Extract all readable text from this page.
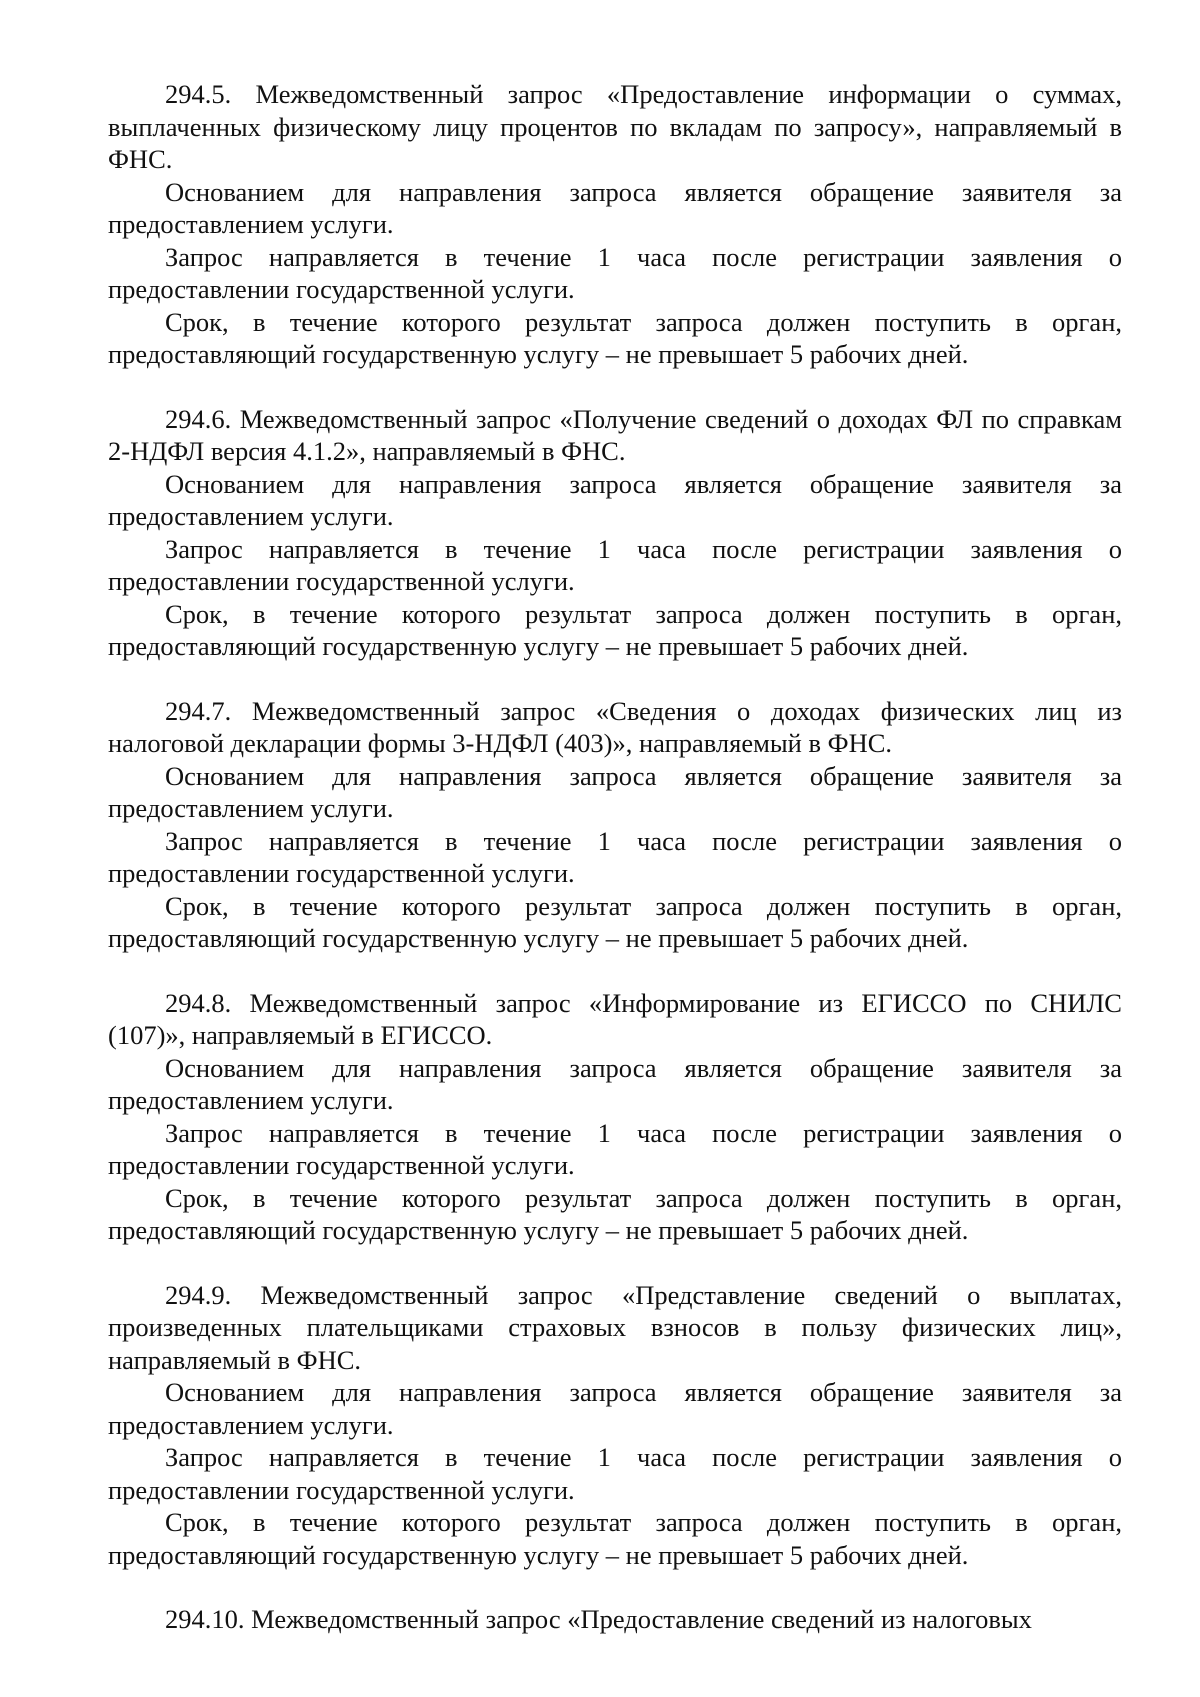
294.5. Межведомственный запрос «Предоставление информации о суммах, выплаченных физическому лицу процентов по вкладам по запросу», направляемый в ФНС.

Основанием для направления запроса является обращение заявителя за предоставлением услуги.

Запрос направляется в течение 1 часа после регистрации заявления о предоставлении государственной услуги.

Срок, в течение которого результат запроса должен поступить в орган, предоставляющий государственную услугу – не превышает 5 рабочих дней.

294.6. Межведомственный запрос «Получение сведений о доходах ФЛ по справкам 2-НДФЛ версия 4.1.2», направляемый в ФНС.

Основанием для направления запроса является обращение заявителя за предоставлением услуги.

Запрос направляется в течение 1 часа после регистрации заявления о предоставлении государственной услуги.

Срок, в течение которого результат запроса должен поступить в орган, предоставляющий государственную услугу – не превышает 5 рабочих дней.

294.7. Межведомственный запрос «Сведения о доходах физических лиц из налоговой декларации формы 3-НДФЛ (403)», направляемый в ФНС.

Основанием для направления запроса является обращение заявителя за предоставлением услуги.

Запрос направляется в течение 1 часа после регистрации заявления о предоставлении государственной услуги.

Срок, в течение которого результат запроса должен поступить в орган, предоставляющий государственную услугу – не превышает 5 рабочих дней.

294.8. Межведомственный запрос «Информирование из ЕГИССО по СНИЛС (107)», направляемый в ЕГИССО.

Основанием для направления запроса является обращение заявителя за предоставлением услуги.

Запрос направляется в течение 1 часа после регистрации заявления о предоставлении государственной услуги.

Срок, в течение которого результат запроса должен поступить в орган, предоставляющий государственную услугу – не превышает 5 рабочих дней.

294.9. Межведомственный запрос «Представление сведений о выплатах, произведенных плательщиками страховых взносов в пользу физических лиц», направляемый в ФНС.

Основанием для направления запроса является обращение заявителя за предоставлением услуги.

Запрос направляется в течение 1 часа после регистрации заявления о предоставлении государственной услуги.

Срок, в течение которого результат запроса должен поступить в орган, предоставляющий государственную услугу – не превышает 5 рабочих дней.

294.10. Межведомственный запрос «Предоставление сведений из налоговых
